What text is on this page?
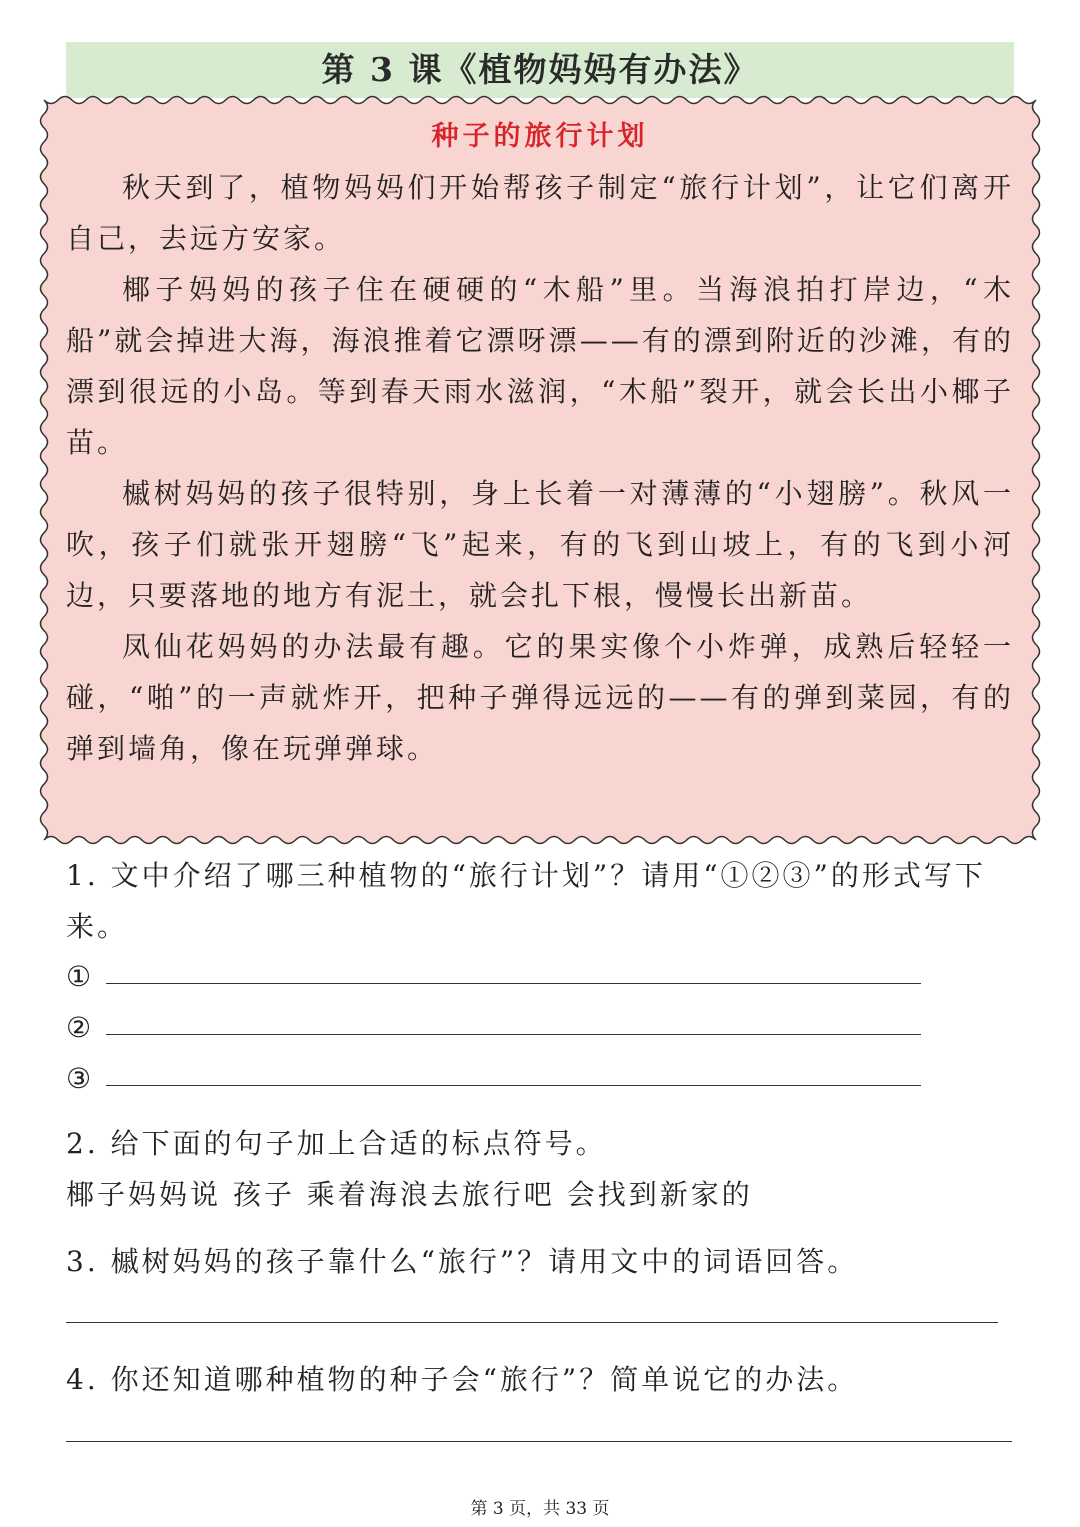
第 3 课《植物妈妈有办法》
种子的旅行计划

秋天到了，植物妈妈们开始帮孩子制定“旅行计划”，让它们离开自己，去远方安家。

椰子妈妈的孩子住在硬硬的“木船”里。当海浪拍打岸边，“木船”就会掉进大海，海浪推着它漂呀漂——有的漂到附近的沙滩，有的漂到很远的小岛。等到春天雨水滋润，“木船”裂开，就会长出小椰子苗。

槭树妈妈的孩子很特别，身上长着一对薄薄的“小翅膀”。秋风一吹，孩子们就张开翅膀“飞”起来，有的飞到山坡上，有的飞到小河边，只要落地的地方有泥土，就会扎下根，慢慢长出新苗。

凤仙花妈妈的办法最有趣。它的果实像个小炸弹，成熟后轻轻一碰，“啪”的一声就炸开，把种子弹得远远的——有的弹到菜园，有的弹到墙角，像在玩弹弹球。

1. 文中介绍了哪三种植物的“旅行计划”？请用“①②③”的形式写下来。

①
②
③

2. 给下面的句子加上合适的标点符号。

椰子妈妈说 孩子 乘着海浪去旅行吧 会找到新家的

3. 槭树妈妈的孩子靠什么“旅行”？请用文中的词语回答。

4. 你还知道哪种植物的种子会“旅行”？简单说它的办法。

第 3 页，共 33 页
